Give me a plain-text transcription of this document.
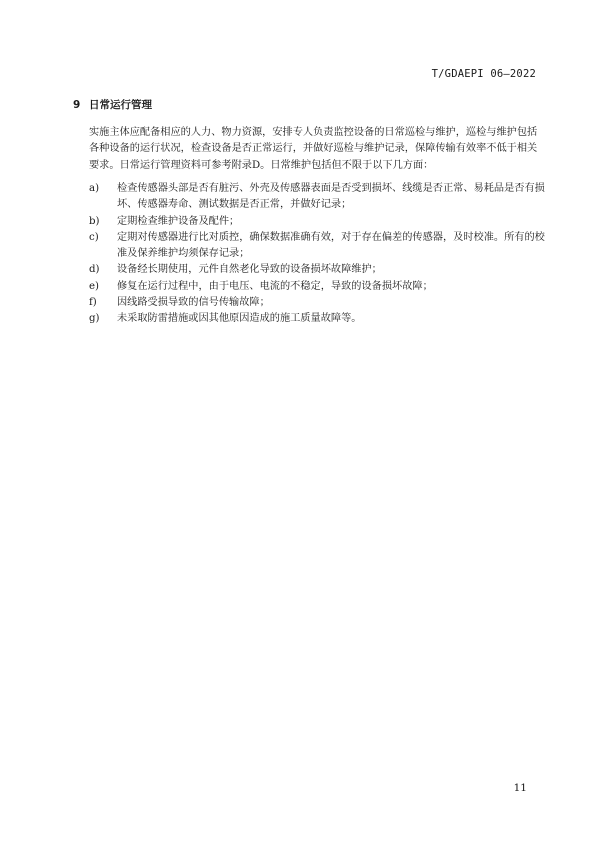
T/GDAEPI 06—2022
9 日常运行管理
实施主体应配备相应的人力、物力资源，安排专人负责监控设备的日常巡检与维护，巡检与维护包括各种设备的运行状况，检查设备是否正常运行，并做好巡检与维护记录，保障传输有效率不低于相关要求。日常运行管理资料可参考附录D。日常维护包括但不限于以下几方面：
a)	检查传感器头部是否有脏污、外壳及传感器表面是否受到损坏、线缆是否正常、易耗品是否有损坏、传感器寿命、测试数据是否正常，并做好记录；
b)	定期检查维护设备及配件；
c)	定期对传感器进行比对质控，确保数据准确有效，对于存在偏差的传感器，及时校准。所有的校准及保养维护均须保存记录；
d)	设备经长期使用，元件自然老化导致的设备损坏故障维护；
e)	修复在运行过程中，由于电压、电流的不稳定，导致的设备损坏故障；
f)	因线路受损导致的信号传输故障；
g)	未采取防雷措施或因其他原因造成的施工质量故障等。
11
